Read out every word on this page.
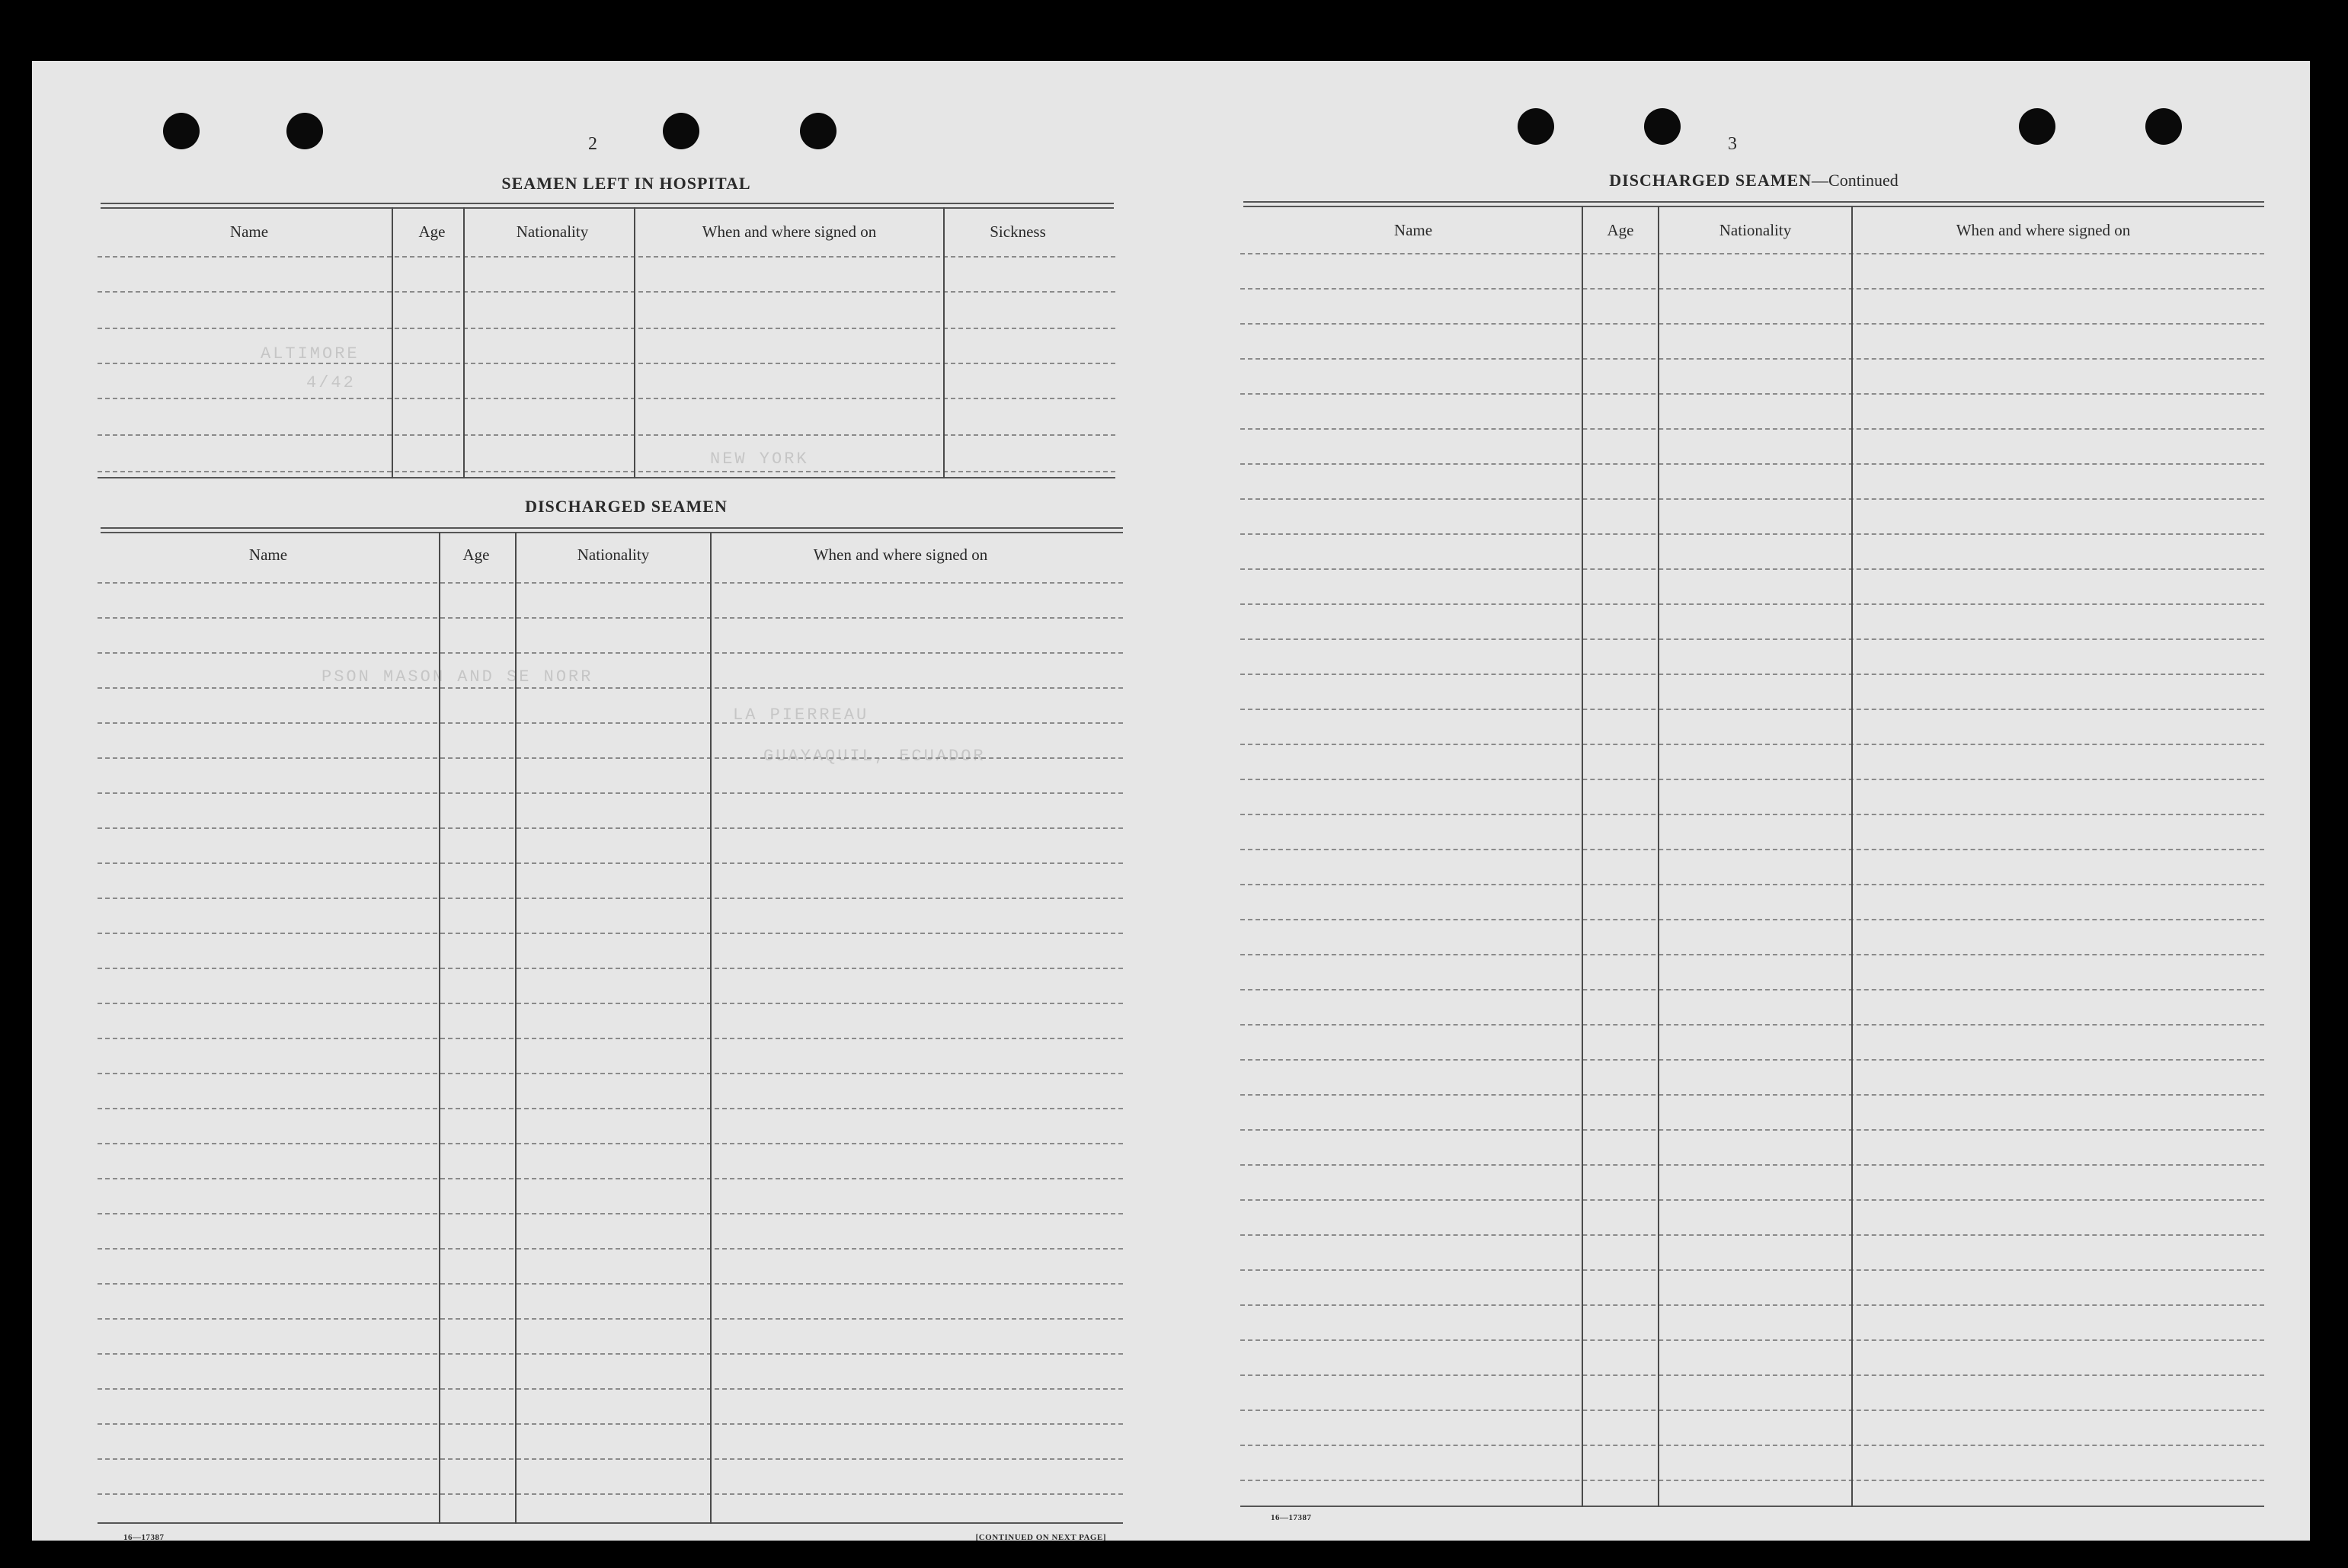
ALTIMORE
4/42
NEW YORK
PSON MASON AND SE NORR
LA PIERREAU
GUAYAQUIL, ECUADOR
2
SEAMEN LEFT IN HOSPITAL
Name	Age	Nationality	When and where signed on	Sickness
DISCHARGED SEAMEN
Name	Age	Nationality	When and where signed on
16—17387	[CONTINUED ON NEXT PAGE]
3
DISCHARGED SEAMEN—Continued
Name	Age	Nationality	When and where signed on
16—17387
